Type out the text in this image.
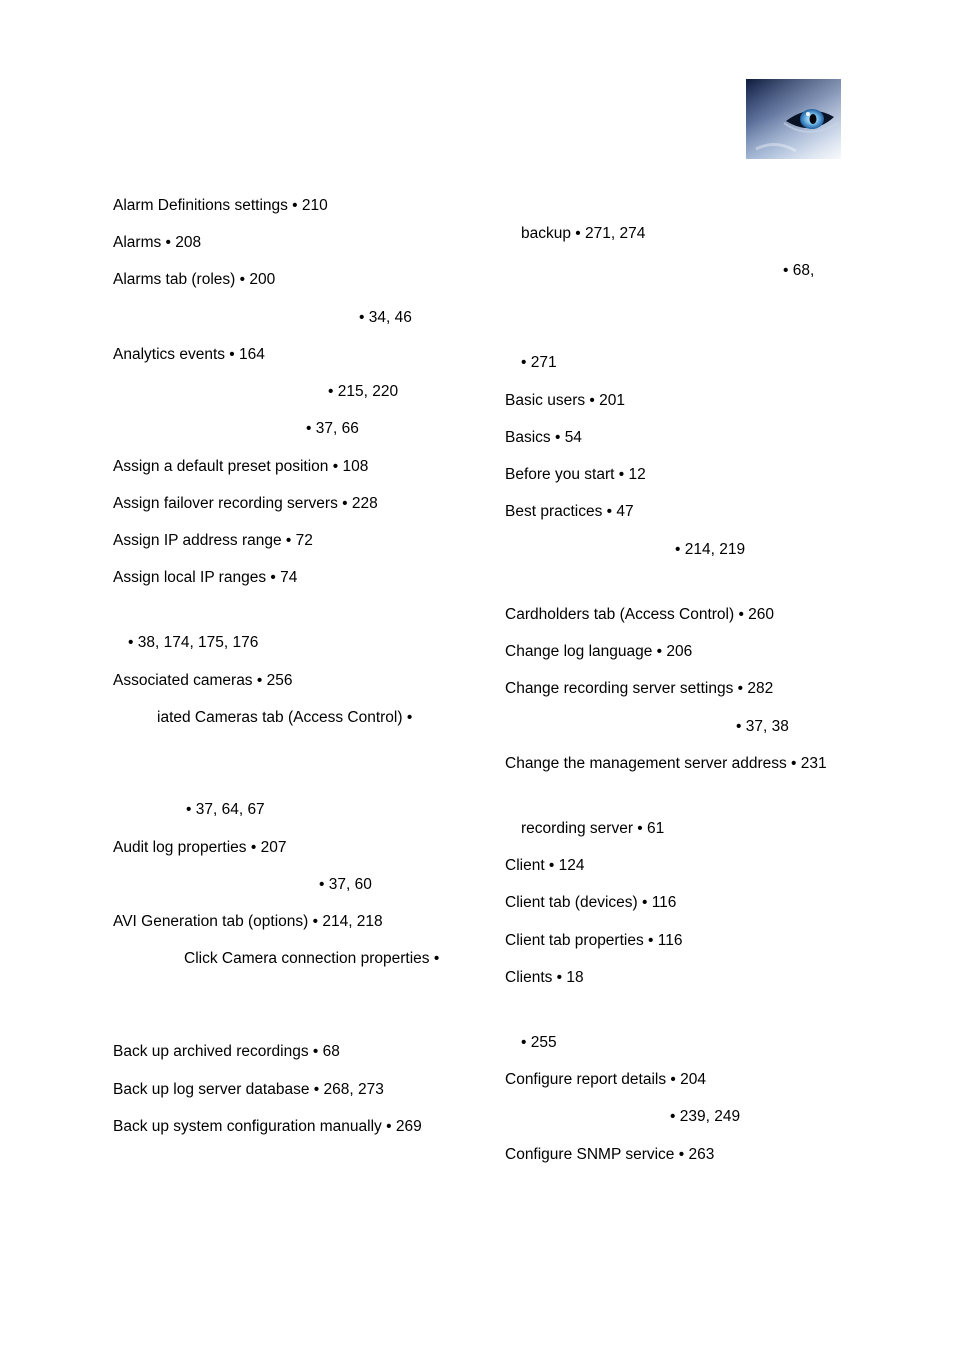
Alarm Definitions settings • 210
Alarms • 208
Alarms tab (roles) • 200
• 34, 46
Analytics events • 164
• 215, 220
• 37, 66
Assign a default preset position • 108
Assign failover recording servers • 228
Assign IP address range • 72
Assign local IP ranges • 74
• 38, 174, 175, 176
Associated cameras • 256
iated Cameras tab (Access Control) •
• 37, 64, 67
Audit log properties • 207
• 37, 60
AVI Generation tab (options) • 214, 218
Click Camera connection properties •
Back up archived recordings • 68
Back up log server database • 268, 273
Back up system configuration manually • 269
backup • 271, 274
• 68,
• 271
Basic users • 201
Basics • 54
Before you start • 12
Best practices • 47
• 214, 219
Cardholders tab (Access Control) • 260
Change log language • 206
Change recording server settings • 282
• 37, 38
Change the management server address • 231
recording server • 61
Client • 124
Client tab (devices) • 116
Client tab properties • 116
Clients • 18
• 255
Configure report details • 204
• 239, 249
Configure SNMP service • 263
